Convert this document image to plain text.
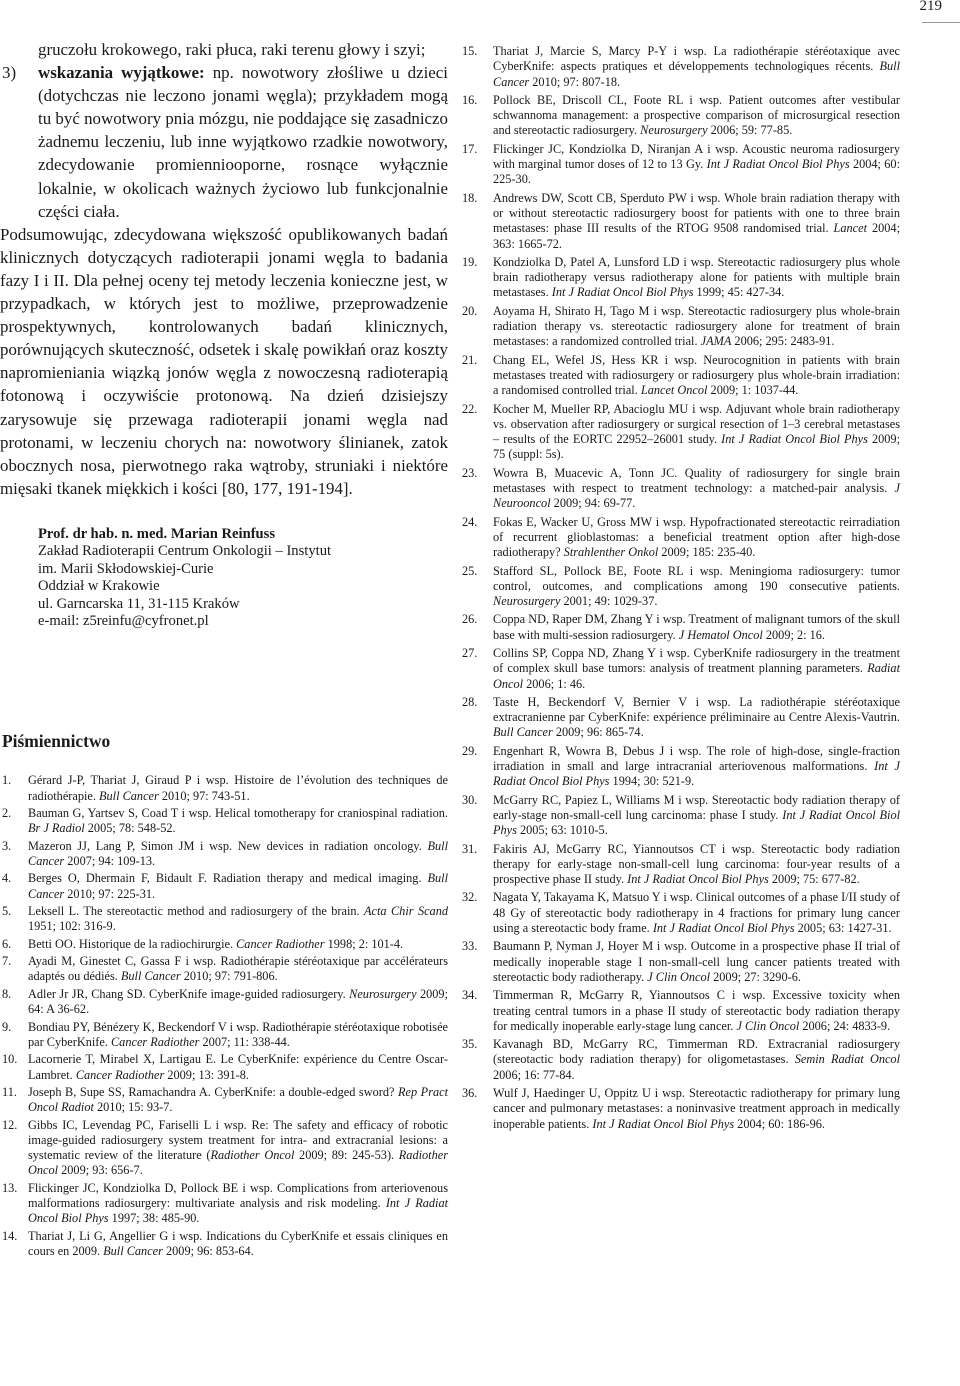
219

gruczołu krokowego, raki płuca, raki terenu głowy i szyi;

3) wskazania wyjątkowe: np. nowotwory złośliwe u dzieci (dotychczas nie leczono jonami węgla); przykładem mogą tu być nowotwory pnia mózgu, nie poddające się zasadniczo żadnemu leczeniu, lub inne wyjątkowo rzadkie nowotwory, zdecydowanie promienniooporne, rosnące wyłącznie lokalnie, w okolicach ważnych życiowo lub funkcjonalnie części ciała.

Podsumowując, zdecydowana większość opublikowanych badań klinicznych dotyczących radioterapii jonami węgla to badania fazy I i II. Dla pełnej oceny tej metody leczenia konieczne jest, w przypadkach, w których jest to możliwe, przeprowadzenie prospektywnych, kontrolowanych badań klinicznych, porównujących skuteczność, odsetek i skalę powikłań oraz koszty napromieniania wiązką jonów węgla z nowoczesną radioterapią fotonową i oczywiście protonową. Na dzień dzisiejszy zarysowuje się przewaga radioterapii jonami węgla nad protonami, w leczeniu chorych na: nowotwory ślinianek, zatok obocznych nosa, pierwotnego raka wątroby, struniaki i niektóre mięsaki tkanek miękkich i kości [80, 177, 191-194].

Prof. dr hab. n. med. Marian Reinfuss
Zakład Radioterapii Centrum Onkologii – Instytut
im. Marii Skłodowskiej-Curie
Oddział w Krakowie
ul. Garncarska 11, 31-115 Kraków
e-mail: z5reinfu@cyfronet.pl
Piśmiennictwo
1. Gérard J-P, Thariat J, Giraud P i wsp. Histoire de l’évolution des techniques de radiothérapie. Bull Cancer 2010; 97: 743-51.
2. Bauman G, Yartsev S, Coad T i wsp. Helical tomotherapy for craniospinal radiation. Br J Radiol 2005; 78: 548-52.
3. Mazeron JJ, Lang P, Simon JM i wsp. New devices in radiation oncology. Bull Cancer 2007; 94: 109-13.
4. Berges O, Dhermain F, Bidault F. Radiation therapy and medical imaging. Bull Cancer 2010; 97: 225-31.
5. Leksell L. The stereotactic method and radiosurgery of the brain. Acta Chir Scand 1951; 102: 316-9.
6. Betti OO. Historique de la radiochirurgie. Cancer Radiother 1998; 2: 101-4.
7. Ayadi M, Ginestet C, Gassa F i wsp. Radiothérapie stéréotaxique par accélérateurs adaptés ou dédiés. Bull Cancer 2010; 97: 791-806.
8. Adler Jr JR, Chang SD. CyberKnife image-guided radiosurgery. Neurosurgery 2009; 64: A 36-62.
9. Bondiau PY, Bénézery K, Beckendorf V i wsp. Radiothérapie stéréotaxique robotisée par CyberKnife. Cancer Radiother 2007; 11: 338-44.
10. Lacornerie T, Mirabel X, Lartigau E. Le CyberKnife: expérience du Centre Oscar-Lambret. Cancer Radiother 2009; 13: 391-8.
11. Joseph B, Supe SS, Ramachandra A. CyberKnife: a double-edged sword? Rep Pract Oncol Radiot 2010; 15: 93-7.
12. Gibbs IC, Levendag PC, Fariselli L i wsp. Re: The safety and efficacy of robotic image-guided radiosurgery system treatment for intra- and extracranial lesions: a systematic review of the literature (Radiother Oncol 2009; 89: 245-53). Radiother Oncol 2009; 93: 656-7.
13. Flickinger JC, Kondziolka D, Pollock BE i wsp. Complications from arteriovenous malformations radiosurgery: multivariate analysis and risk modeling. Int J Radiat Oncol Biol Phys 1997; 38: 485-90.
14. Thariat J, Li G, Angellier G i wsp. Indications du CyberKnife et essais cliniques en cours en 2009. Bull Cancer 2009; 96: 853-64.
15. Thariat J, Marcie S, Marcy P-Y i wsp. La radiothérapie stéréotaxique avec CyberKnife: aspects pratiques et développements technologiques récents. Bull Cancer 2010; 97: 807-18.
16. Pollock BE, Driscoll CL, Foote RL i wsp. Patient outcomes after vestibular schwannoma management: a prospective comparison of microsurgical resection and stereotactic radiosurgery. Neurosurgery 2006; 59: 77-85.
17. Flickinger JC, Kondziolka D, Niranjan A i wsp. Acoustic neuroma radiosurgery with marginal tumor doses of 12 to 13 Gy. Int J Radiat Oncol Biol Phys 2004; 60: 225-30.
18. Andrews DW, Scott CB, Sperduto PW i wsp. Whole brain radiation therapy with or without stereotactic radiosurgery boost for patients with one to three brain metastases: phase III results of the RTOG 9508 randomised trial. Lancet 2004; 363: 1665-72.
19. Kondziolka D, Patel A, Lunsford LD i wsp. Stereotactic radiosurgery plus whole brain radiotherapy versus radiotherapy alone for patients with multiple brain metastases. Int J Radiat Oncol Biol Phys 1999; 45: 427-34.
20. Aoyama H, Shirato H, Tago M i wsp. Stereotactic radiosurgery plus whole-brain radiation therapy vs. stereotactic radiosurgery alone for treatment of brain metastases: a randomized controlled trial. JAMA 2006; 295: 2483-91.
21. Chang EL, Wefel JS, Hess KR i wsp. Neurocognition in patients with brain metastases treated with radiosurgery or radiosurgery plus whole-brain irradiation: a randomised controlled trial. Lancet Oncol 2009; 1: 1037-44.
22. Kocher M, Mueller RP, Abacioglu MU i wsp. Adjuvant whole brain radiotherapy vs. observation after radiosurgery or surgical resection of 1–3 cerebral metastases – results of the EORTC 22952–26001 study. Int J Radiat Oncol Biol Phys 2009; 75 (suppl: 5s).
23. Wowra B, Muacevic A, Tonn JC. Quality of radiosurgery for single brain metastases with respect to treatment technology: a matched-pair analysis. J Neurooncol 2009; 94: 69-77.
24. Fokas E, Wacker U, Gross MW i wsp. Hypofractionated stereotactic reirradiation of recurrent glioblastomas: a beneficial treatment option after high-dose radiotherapy? Strahlenther Onkol 2009; 185: 235-40.
25. Stafford SL, Pollock BE, Foote RL i wsp. Meningioma radiosurgery: tumor control, outcomes, and complications among 190 consecutive patients. Neurosurgery 2001; 49: 1029-37.
26. Coppa ND, Raper DM, Zhang Y i wsp. Treatment of malignant tumors of the skull base with multi-session radiosurgery. J Hematol Oncol 2009; 2: 16.
27. Collins SP, Coppa ND, Zhang Y i wsp. CyberKnife radiosurgery in the treatment of complex skull base tumors: analysis of treatment planning parameters. Radiat Oncol 2006; 1: 46.
28. Taste H, Beckendorf V, Bernier V i wsp. La radiothérapie stéréotaxique extracranienne par CyberKnife: expérience préliminaire au Centre Alexis-Vautrin. Bull Cancer 2009; 96: 865-74.
29. Engenhart R, Wowra B, Debus J i wsp. The role of high-dose, single-fraction irradiation in small and large intracranial arteriovenous malformations. Int J Radiat Oncol Biol Phys 1994; 30: 521-9.
30. McGarry RC, Papiez L, Williams M i wsp. Stereotactic body radiation therapy of early-stage non-small-cell lung carcinoma: phase I study. Int J Radiat Oncol Biol Phys 2005; 63: 1010-5.
31. Fakiris AJ, McGarry RC, Yiannoutsos CT i wsp. Stereotactic body radiation therapy for early-stage non-small-cell lung carcinoma: four-year results of a prospective phase II study. Int J Radiat Oncol Biol Phys 2009; 75: 677-82.
32. Nagata Y, Takayama K, Matsuo Y i wsp. Clinical outcomes of a phase I/II study of 48 Gy of stereotactic body radiotherapy in 4 fractions for primary lung cancer using a stereotactic body frame. Int J Radiat Oncol Biol Phys 2005; 63: 1427-31.
33. Baumann P, Nyman J, Hoyer M i wsp. Outcome in a prospective phase II trial of medically inoperable stage I non-small-cell lung cancer patients treated with stereotactic body radiotherapy. J Clin Oncol 2009; 27: 3290-6.
34. Timmerman R, McGarry R, Yiannoutsos C i wsp. Excessive toxicity when treating central tumors in a phase II study of stereotactic body radiation therapy for medically inoperable early-stage lung cancer. J Clin Oncol 2006; 24: 4833-9.
35. Kavanagh BD, McGarry RC, Timmerman RD. Extracranial radiosurgery (stereotactic body radiation therapy) for oligometastases. Semin Radiat Oncol 2006; 16: 77-84.
36. Wulf J, Haedinger U, Oppitz U i wsp. Stereotactic radiotherapy for primary lung cancer and pulmonary metastases: a noninvasive treatment approach in medically inoperable patients. Int J Radiat Oncol Biol Phys 2004; 60: 186-96.
